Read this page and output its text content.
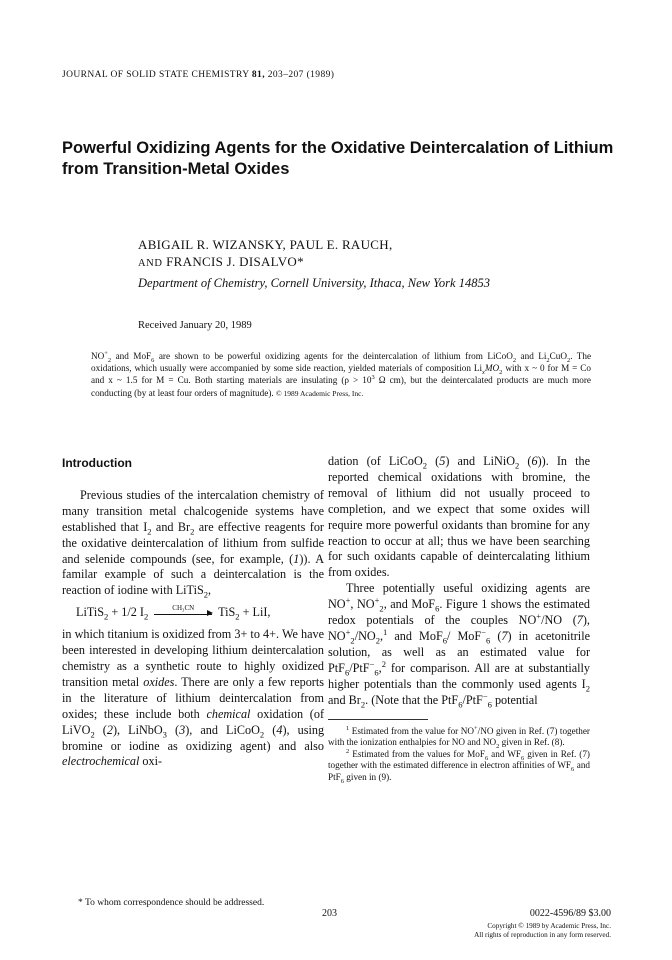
JOURNAL OF SOLID STATE CHEMISTRY 81, 203–207 (1989)
Powerful Oxidizing Agents for the Oxidative Deintercalation of Lithium from Transition-Metal Oxides
ABIGAIL R. WIZANSKY, PAUL E. RAUCH,
AND FRANCIS J. DISALVO*
Department of Chemistry, Cornell University, Ithaca, New York 14853
Received January 20, 1989
$NO^+_2$ and MoF$_6$ are shown to be powerful oxidizing agents for the deintercalation of lithium from LiCoO$_2$ and $Li_2CuO_2$. The oxidations, which usually were accompanied by some side reaction, yielded materials of composition $Li_xMO_2$ with x ~ 0 for M = Co and x ~ 1.5 for M = Cu. Both starting materials are insulating ($\rho > 10^3$ Ω cm), but the deintercalated products are much more conducting (by at least four orders of magnitude). © 1989 Academic Press, Inc.
Introduction

Previous studies of the intercalation chemistry of many transition metal chalcogenide systems have established that $I_2$ and $Br_2$ are effective reagents for the oxidative deintercalation of lithium from sulfide and selenide compounds (see, for example, (1)). A familar example of such a deintercalation is the reaction of iodine with LiTiS$_2$,

LiTiS$_2$ + 1/2 $I_2$
CH₃CN	TiS$_2$ + LiI,

in which titanium is oxidized from 3+ to 4+. We have been interested in developing lithium deintercalation chemistry as a synthetic route to highly oxidized transition metal oxides. There are only a few reports in the literature of lithium deintercalation from oxides; these include both chemical oxidation (of LiVO$_2$ (2), LiNbO$_3$ (3), and LiCoO$_2$ (4), using bromine or iodine as oxidizing agent) and also electrochemical oxi-

dation (of LiCoO$_2$ (5) and LiNiO$_2$ (6)). In the reported chemical oxidations with bromine, the removal of lithium did not usually proceed to completion, and we expect that some oxides will require more powerful oxidants than bromine for any reaction to occur at all; thus we have been searching for such oxidants capable of deintercalating lithium from oxides.

Three potentially useful oxidizing agents are NO+, $NO^+_2$, and MoF$_6$. Figure 1 shows the estimated redox potentials of the couples NO+/NO (7), $NO^+_2/NO_2,^1$ and MoF$_6$/ MoF−$_6$ (7) in acetonitrile solution, as well as an estimated value for PtF$_6$/PtF−$_6$,$^2$ for comparison. All are at substantially higher potentials than the commonly used agents $I_2$ and $Br_2$. (Note that the PtF$_6$/PtF−$_6$ potential

$^1$ Estimated from the value for NO+/NO given in Ref. (7) together with the ionization enthalpies for NO and $NO_2$ given in Ref. (8).

$^2$ Estimated from the values for MoF$_6$ and $WF_6$ given in Ref. (7) together with the estimated difference in electron affinities of $WF_6$ and PtF$_6$ given in (9).

* To whom correspondence should be addressed.
203	0022-4596/89 $3.00
Copyright © 1989 by Academic Press, Inc.
All rights of reproduction in any form reserved.
